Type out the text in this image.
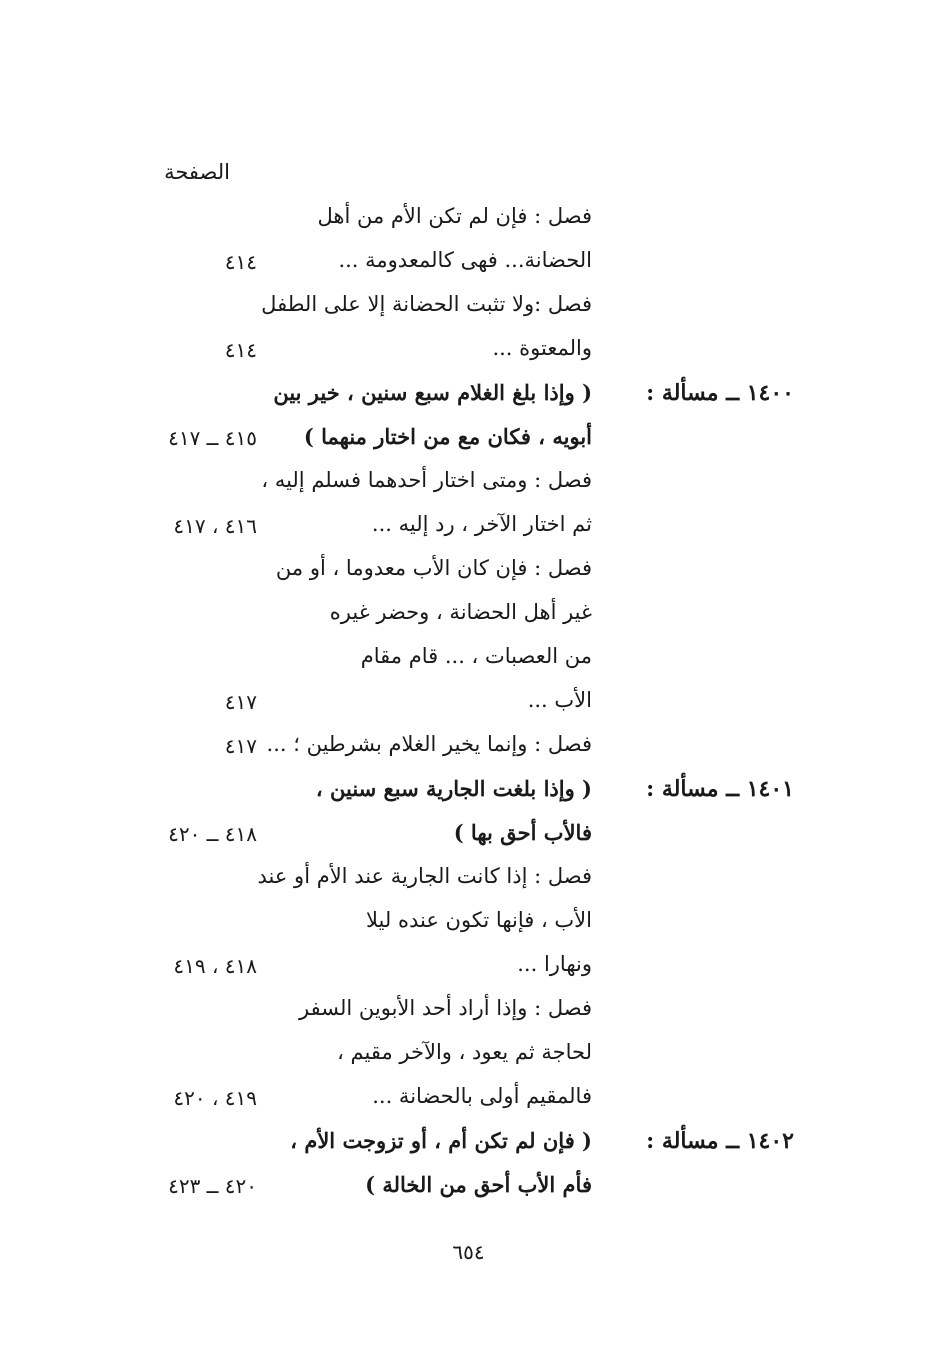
الصفحة
فصل : فإن لم تكن الأم من أهل
الحضانة... فهى كالمعدومة ...
٤١٤
فصل :ولا تثبت الحضانة إلا على الطفل
والمعتوة ...
٤١٤
١٤٠٠ ــ مسألة :
( وإذا بلغ الغلام سبع سنين ، خير بين
أبويه ، فكان مع من اختار منهما )
٤١٥ ــ ٤١٧
فصل : ومتى اختار أحدهما فسلم إليه ،
ثم اختار الآخر ، رد إليه ...
٤١٦ ، ٤١٧
فصل : فإن كان الأب معدوما ، أو من
غير أهل الحضانة ، وحضر غيره
من العصبات ، ... قام مقام
الأب ...
٤١٧
فصل : وإنما يخير الغلام بشرطين ؛ ...
٤١٧
١٤٠١ ــ مسألة :
( وإذا بلغت الجارية سبع سنين ،
فالأب أحق بها )
٤١٨ ــ ٤٢٠
فصل : إذا كانت الجارية عند الأم أو عند
الأب ، فإنها تكون عنده ليلا
ونهارا ...
٤١٨ ، ٤١٩
فصل : وإذا أراد أحد الأبوين السفر
لحاجة ثم يعود ، والآخر مقيم ،
فالمقيم أولى بالحضانة ...
٤١٩ ، ٤٢٠
١٤٠٢ ــ مسألة :
( فإن لم تكن أم ، أو تزوجت الأم ،
فأم الأب أحق من الخالة )
٤٢٠ ــ ٤٢٣
٦٥٤
